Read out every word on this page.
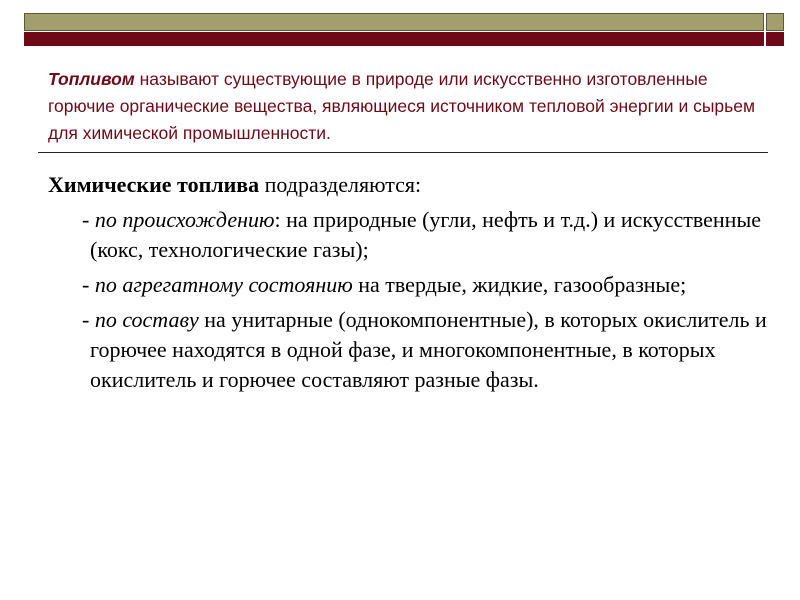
Топливом называют существующие в природе или искусственно изготовленные горючие органические вещества, являющиеся источником тепловой энергии и сырьем для химической промышленности.

Химические топлива подразделяются:

- по происхождению: на природные (угли, нефть и т.д.) и искусственные (кокс, технологические газы);

- по агрегатному состоянию на твердые, жидкие, газообразные;

- по составу на унитарные (однокомпонентные), в которых окислитель и горючее находятся в одной фазе, и многокомпонентные, в которых окислитель и горючее составляют разные фазы.
